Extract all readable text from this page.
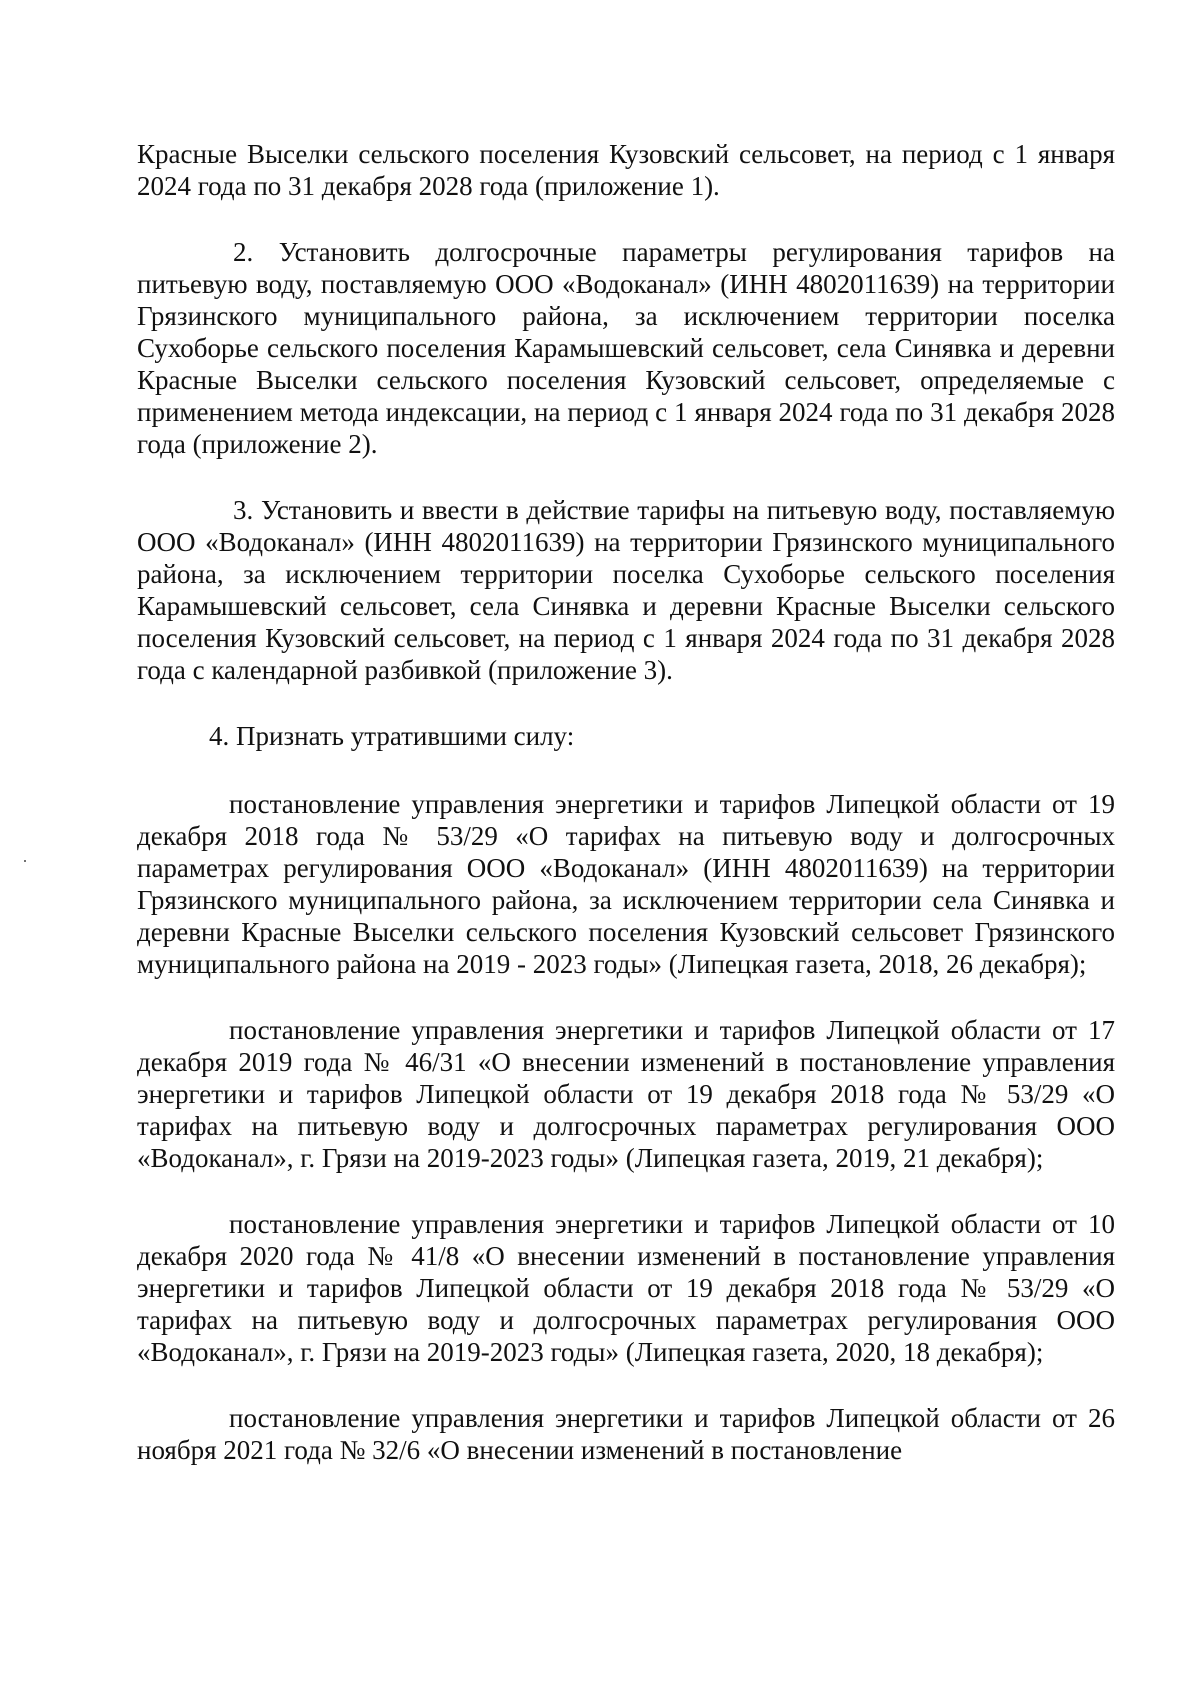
Красные Выселки сельского поселения Кузовский сельсовет, на период с 1 января 2024 года по 31 декабря 2028 года (приложение 1).

2. Установить долгосрочные параметры регулирования тарифов на питьевую воду, поставляемую ООО «Водоканал» (ИНН 4802011639) на территории Грязинского муниципального района, за исключением территории поселка Сухоборье сельского поселения Карамышевский сельсовет, села Синявка и деревни Красные Выселки сельского поселения Кузовский сельсовет, определяемые с применением метода индексации, на период с 1 января 2024 года по 31 декабря 2028 года (приложение 2).

3. Установить и ввести в действие тарифы на питьевую воду, поставляемую ООО «Водоканал» (ИНН 4802011639) на территории Грязинского муниципального района, за исключением территории поселка Сухоборье сельского поселения Карамышевский сельсовет, села Синявка и деревни Красные Выселки сельского поселения Кузовский сельсовет, на период с 1 января 2024 года по 31 декабря 2028 года с календарной разбивкой (приложение 3).

4. Признать утратившими силу:

постановление управления энергетики и тарифов Липецкой области от 19 декабря 2018 года № 53/29 «О тарифах на питьевую воду и долгосрочных параметрах регулирования ООО «Водоканал» (ИНН 4802011639) на территории Грязинского муниципального района, за исключением территории села Синявка и деревни Красные Выселки сельского поселения Кузовский сельсовет Грязинского муниципального района на 2019 - 2023 годы» (Липецкая газета, 2018, 26 декабря);

постановление управления энергетики и тарифов Липецкой области от 17 декабря 2019 года № 46/31 «О внесении изменений в постановление управления энергетики и тарифов Липецкой области от 19 декабря 2018 года № 53/29 «О тарифах на питьевую воду и долгосрочных параметрах регулирования ООО «Водоканал», г. Грязи на 2019-2023 годы» (Липецкая газета, 2019, 21 декабря);

постановление управления энергетики и тарифов Липецкой области от 10 декабря 2020 года № 41/8 «О внесении изменений в постановление управления энергетики и тарифов Липецкой области от 19 декабря 2018 года № 53/29 «О тарифах на питьевую воду и долгосрочных параметрах регулирования ООО «Водоканал», г. Грязи на 2019-2023 годы» (Липецкая газета, 2020, 18 декабря);

постановление управления энергетики и тарифов Липецкой области от 26 ноября 2021 года № 32/6 «О внесении изменений в постановление
